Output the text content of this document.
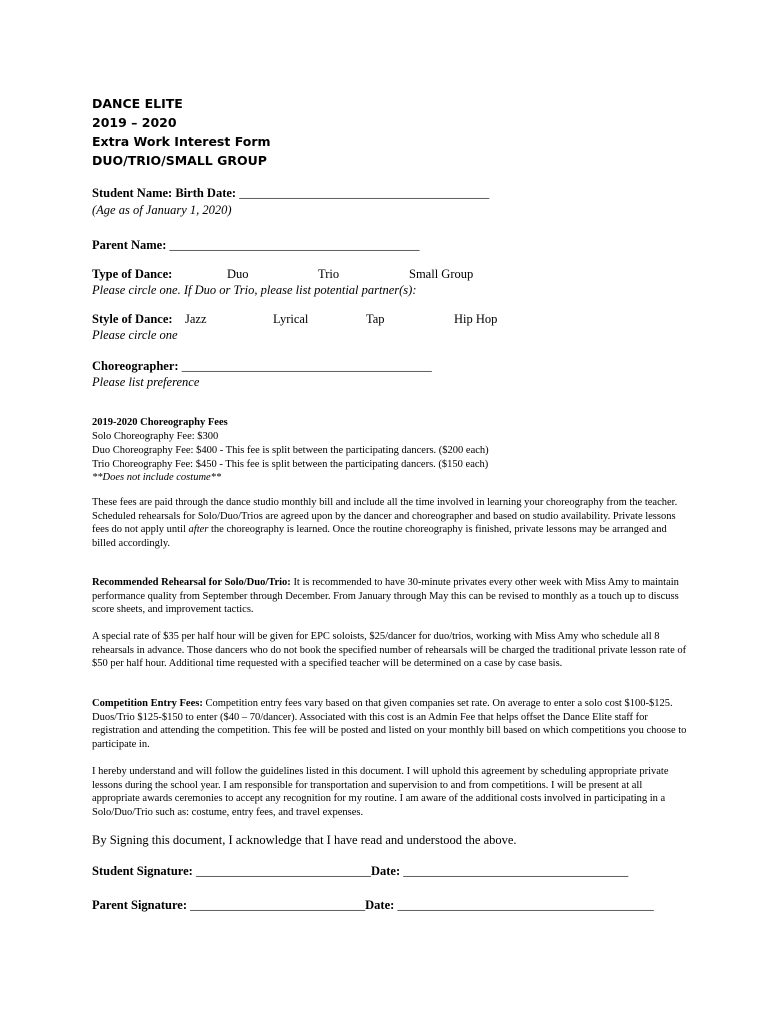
DANCE ELITE
2019 – 2020
Extra Work Interest Form
DUO/TRIO/SMALL GROUP
Student Name: Birth Date: ________________________________________
(Age as of January 1, 2020)
Parent Name: ________________________________________
Type of Dance:	Duo	Trio	Small Group
Please circle one. If Duo or Trio, please list potential partner(s):
Style of Dance: Jazz	Lyrical	Tap	Hip Hop
Please circle one
Choreographer: ________________________________________
Please list preference
2019-2020 Choreography Fees
Solo Choreography Fee: $300
Duo Choreography Fee: $400 - This fee is split between the participating dancers. ($200 each)
Trio Choreography Fee: $450 - This fee is split between the participating dancers. ($150 each)
**Does not include costume**
These fees are paid through the dance studio monthly bill and include all the time involved in learning your choreography from the teacher. Scheduled rehearsals for Solo/Duo/Trios are agreed upon by the dancer and choreographer and based on studio availability. Private lessons fees do not apply until after the choreography is learned. Once the routine choreography is finished, private lessons may be arranged and billed accordingly.
Recommended Rehearsal for Solo/Duo/Trio: It is recommended to have 30-minute privates every other week with Miss Amy to maintain performance quality from September through December. From January through May this can be revised to monthly as a touch up to discuss score sheets, and improvement tactics.
A special rate of $35 per half hour will be given for EPC soloists, $25/dancer for duo/trios, working with Miss Amy who schedule all 8 rehearsals in advance. Those dancers who do not book the specified number of rehearsals will be charged the traditional private lesson rate of $50 per half hour. Additional time requested with a specified teacher will be determined on a case by case basis.
Competition Entry Fees: Competition entry fees vary based on that given companies set rate. On average to enter a solo cost $100-$125. Duos/Trio $125-$150 to enter ($40 – 70/dancer). Associated with this cost is an Admin Fee that helps offset the Dance Elite staff for registration and attending the competition. This fee will be posted and listed on your monthly bill based on which competitions you choose to participate in.
I hereby understand and will follow the guidelines listed in this document. I will uphold this agreement by scheduling appropriate private lessons during the school year. I am responsible for transportation and supervision to and from competitions. I will be present at all appropriate awards ceremonies to accept any recognition for my routine. I am aware of the additional costs involved in participating in a Solo/Duo/Trio such as: costume, entry fees, and travel expenses.
By Signing this document, I acknowledge that I have read and understood the above.
Student Signature: ____________________________Date: ____________________________________
Parent Signature: ____________________________Date: _________________________________________
